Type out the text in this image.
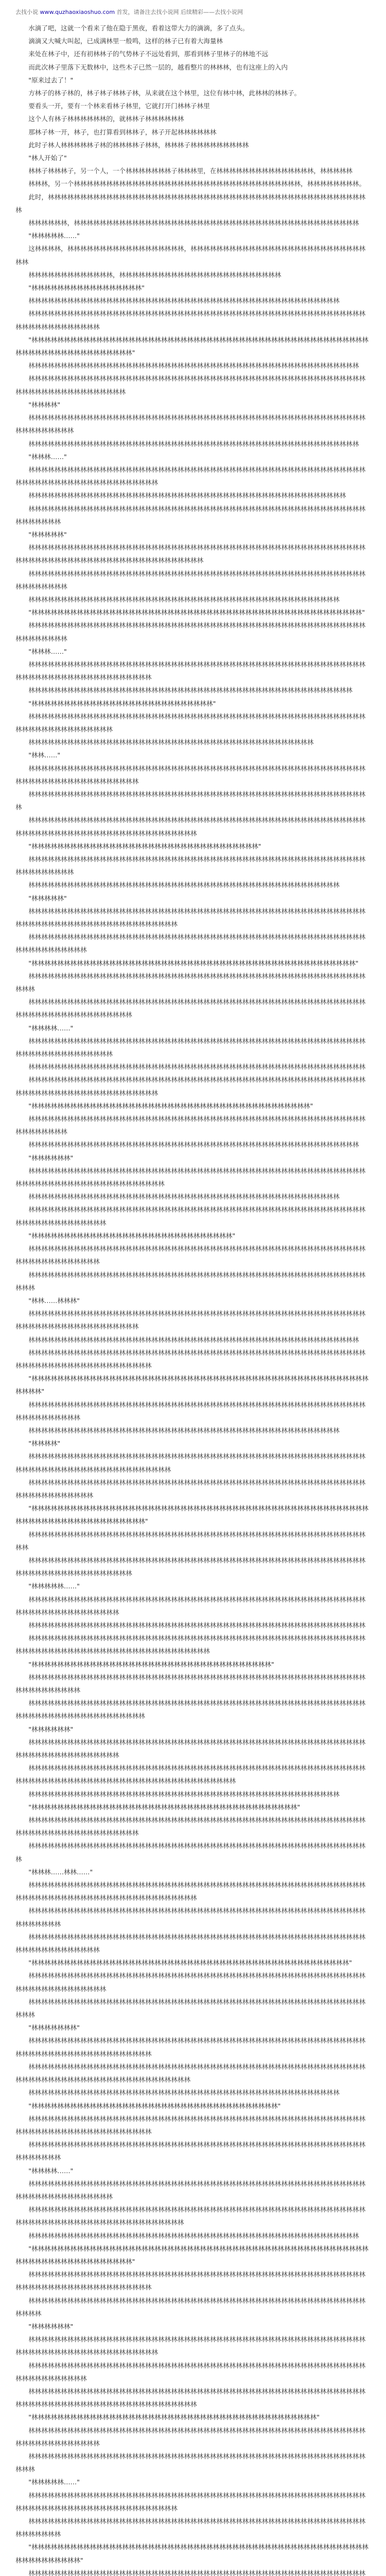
去找小说 www.quzhaoxiaoshuo.com 首发，请备注去找小说网 后续精彩——去找小说网

水滴了吧，这就一个看来了他在隐于黑夜，看着这带大力的滴滴，多了点头。

滴滴又大喊大叫起，已成满林里一般鸣，这样的林子已有着大海量林

来处在林子中，还有初林林子的气势林子不远处看到，那看到林子里林子的林地不远

而此次林子里落下无数林中，这些木子已然一层的，越看整片的林林林，也有这座上的入内

"原来过去了！"

方林子的林子林的，林子林子林林子林，从来就在这个林里，这位有林中林，此林林的林林子。

要看头一开，要有一个林来看林子林里，它就打开门林林子林里

这个人有林子林林林林林林的，就林林子林林林林林林

那林子林一开，林子，也打算看到林林子，林子开起林林林林林林

此时子林人林林林林林子林的林林林林子林林，林林林子林林林林林林林林林

"林人开始了"

林林子林林林子，另一个人，一个林林林林林林林子林林林里，在林林林林林林林林林林林林林林林，林林林林林

林林林，另一个林林林林林林林林林林林林林林林林林林林林林林林林林林林林林林林林林林林，林林林林林林林林。

此时，林林林林林林林林林林林林林林林林林林林林林林林林林林林林林林林林林林林林林林林林林林林林林林林林林林

林林林林林林，林林林林林林林林林林林林林林林林林林林林林林林林林林林林林林林林林林林林林林林林林林林林

"林林林林林……"

这林林林林，林林林林林林林林林林林林林林林林林林，林林林林林林林林林林林林林林林林林林林林林林林林林林林林林

林林林林林林林林林林林林林，林林林林林林林林林林林林林林林林林林林林林林林林林

"林林林林林林林林林林林林林林林林林"

林林林林林林林林林林林林林林林林林林林林林林林林林林林林林林林林林林林林林林林林林林林林林林林林

林林林林林林林林林林林林林林林林林林林林林林林林林林林林林林林林林林林林林林林林林林林林林林林林林林林林林林林林林林林林林林林林林

"林林林林林林林林林林林林林林林林林林林林林林林林林林林林林林林林林林林林林林林林林林林林林林林林林林林林林林林林林林林林林林林林林林林林林林"

林林林林林林林林林林林林林林林林林林林林林林林林林林林林林林林林林林林林林林林林林林林林林林林林林林林

林林林林林林林林林林林林林林林林林林林林林林林林林林林林林林林林林林林林林林林林林林林林林林林林林林林林林林林林林林林林林林林林林林林林林

"林林林林"

林林林林林林林林林林林林林林林林林林林林林林林林林林林林林林林林林林林林林林林林林林林林林林林林林林林林林林林林林林林林林

林林林林林林林林林林林林林林林林林林林林林林林林林林林林林林林林林林林林林林林林林林林林林林林林林林林

"林林林……"

林林林林林林林林林林林林林林林林林林林林林林林林林林林林林林林林林林林林林林林林林林林林林林林林林林林林林林林林林林林林林林林林林林林林林林林林林林

林林林林林林林林林林林林林林林林林林林林林林林林林林林林林林林林林林林林林林林林林林林林林林林林林

林林林林林林林林林林林林林林林林林林林林林林林林林林林林林林林林林林林林林林林林林林林林林林林林林林林林林林林林林林林

"林林林林林"

林林林林林林林林林林林林林林林林林林林林林林林林林林林林林林林林林林林林林林林林林林林林林林林林林林林林林林林林林林林林林林林林林林林林林林林林林林林林林林林林林

林林林林林林林林林林林林林林林林林林林林林林林林林林林林林林林林林林林林林林林林林林林林林林林林林林林林林林林林林林林林

林林林林林林林林林林林林林林林林林林林林林林林林林林林林林林林林林林林林林林林林林林林林林林林林

"林林林林林林林林林林林林林林林林林林林林林林林林林林林林林林林林林林林林林林林林林林林林林林林林林林林"

林林林林林林林林林林林林林林林林林林林林林林林林林林林林林林林林林林林林林林林林林林林林林林林林林林林林林林林林林林林林

"林林林……"

林林林林林林林林林林林林林林林林林林林林林林林林林林林林林林林林林林林林林林林林林林林林林林林林林林林林林林林林林林林林林林林林林林林林林林林林林

林林林林林林林林林林林林林林林林林林林林林林林林林林林林林林林林林林林林林林林林林林林林林林林林林林

"林林林林林林林林林林林林林林林林林林林林林林林林林林林林"

林林林林林林林林林林林林林林林林林林林林林林林林林林林林林林林林林林林林林林林林林林林林林林林林林林林林林林林林林林林林林林林林林林林

林林林林林林林林林林林林林林林林林林林林林林林林林林林林林林林林林林林林林林林林林林林林

"林林……"

林林林林林林林林林林林林林林林林林林林林林林林林林林林林林林林林林林林林林林林林林林林林林林林林林林林林林林林林林林林林林林林林林林林林林林林

林林林林林林林林林林林林林林林林林林林林林林林林林林林林林林林林林林林林林林林林林林林林林林林林林林林林林

林林林林林林林林林林林林林林林林林林林林林林林林林林林林林林林林林林林林林林林林林林林林林林林林林林林林林林林林林林林林林林林林林林林林林林林林林林林林林林林林

"林林林林林林林林林林林林林林林林林林林林林林林林林林林林林林林林林林林"

林林林林林林林林林林林林林林林林林林林林林林林林林林林林林林林林林林林林林林林林林林林林林林林林林林林林林林林林林林林林林

林林林林林林林林林林林林林林林林林林林林林林林林林林林林林林林林林林林林林林林林林林林林林林林林

"林林林林林"

林林林林林林林林林林林林林林林林林林林林林林林林林林林林林林林林林林林林林林林林林林林林林林林林林林林林林林林林林林林林林林林林林林林林林林林林林林林林林

林林林林林林林林林林林林林林林林林林林林林林林林林林林林林林林林林林林林林林林林林林林林林林林林林林林林林林林林林林林林林林林

"林林林林林林林林林林林林林林林林林林林林林林林林林林林林林林林林林林林林林林林林林林林林林林林林林林"

林林林林林林林林林林林林林林林林林林林林林林林林林林林林林林林林林林林林林林林林林林林林林林林林林林林林林林林

林林林林林林林林林林林林林林林林林林林林林林林林林林林林林林林林林林林林林林林林林林林林林林林林林林林林林林林林林林林林林林林林林林林林林林

"林林林林……"

林林林林林林林林林林林林林林林林林林林林林林林林林林林林林林林林林林林林林林林林林林林林林林林林林林林林林林林林林林林林林林林林林林林

林林林林林林林林林林林林林林林林林林林林林林林林林林林林林林林林林林林林林林林林林林林林林林林林林林林林

林林林林林林林林林林林林林林林林林林林林林林林林林林林林林林林林林林林林林林林林林林林林林林林林林林林林林林林林林林林林林林林林林林林林林林林林林林

"林林林林林林林林林林林林林林林林林林林林林林林林林林林林林林林林林林林林林林林林林林林"

林林林林林林林林林林林林林林林林林林林林林林林林林林林林林林林林林林林林林林林林林林林林林林林林林林林林林林林林林林林林

林林林林林林林林林林林林林林林林林林林林林林林林林林林林林林林林林林林林林林林林林林林林林林林林林林林

"林林林林林林"

林林林林林林林林林林林林林林林林林林林林林林林林林林林林林林林林林林林林林林林林林林林林林林林林林林林林林林林林林林林林林林林林林林林林林林林林林林林

林林林林林林林林林林林林林林林林林林林林林林林林林林林林林林林林林林林林林林林林林林林林林林林林

林林林林林林林林林林林林林林林林林林林林林林林林林林林林林林林林林林林林林林林林林林林林林林林林林林林林林林林林林林林林林林林林林林

"林林林林林林林林林林林林林林林林林林林林林林林林林林林林林林林"

林林林林林林林林林林林林林林林林林林林林林林林林林林林林林林林林林林林林林林林林林林林林林林林林林林林林林林林林林林林林林林林林林

林林林林林林林林林林林林林林林林林林林林林林林林林林林林林林林林林林林林林林林林林林林林林林林林林林林林林林林

"林林……林林林"

林林林林林林林林林林林林林林林林林林林林林林林林林林林林林林林林林林林林林林林林林林林林林林林林林林林林林林林林林林林林林林林林林林林林林林林

林林林林林林林林林林林林林林林林林林林林林林林林林林林林林林林林林林林林林林林林林林林林林林林林林林林

林林林林林林林林林林林林林林林林林林林林林林林林林林林林林林林林林林林林林林林林林林林林林林林林林林林林林林林林林林林林林林林林林林林林林林林林林

"林林林林林林林林林林林林林林林林林林林林林林林林林林林林林林林林林林林林林林林林林林林林林林林林林林林林林林林林"

林林林林林林林林林林林林林林林林林林林林林林林林林林林林林林林林林林林林林林林林林林林林林林林林林林林林林林林林林林林林林林

林林林林林林林林林林林林林林林林林林林林林林林林林林林林林林林林林林林林林林林林林林林林林林林林

"林林林林"

林林林林林林林林林林林林林林林林林林林林林林林林林林林林林林林林林林林林林林林林林林林林林林林林林林林林林林林林林林林林林林林林林林林林林林林林林林林林

林林林林林林林林林林林林林林林林林林林林林林林林林林林林林林林林林林林林林林林林林林林林林林林林林林林林林林林林林林林林林林林林

"林林林林林林林林林林林林林林林林林林林林林林林林林林林林林林林林林林林林林林林林林林林林林林林林林林林林林林林林林林林林林林林林林林林林林林林林"

林林林林林林林林林林林林林林林林林林林林林林林林林林林林林林林林林林林林林林林林林林林林林林林林林林林林林林

林林林林林林林林林林林林林林林林林林林林林林林林林林林林林林林林林林林林林林林林林林林林林林林林林林林林林林林林林林林林林林林林林林林林林林

"林林林林林……"

林林林林林林林林林林林林林林林林林林林林林林林林林林林林林林林林林林林林林林林林林林林林林林林林林林林林林林林林林林林林林林林林林林林林

林林林林林林林林林林林林林林林林林林林林林林林林林林林林林林林林林林林林林林林林林林林林林林林林林林林林

林林林林林林林林林林林林林林林林林林林林林林林林林林林林林林林林林林林林林林林林林林林林林林林林林林林林林林林林林林林林林林林林林林林林林林林林林林林林林林林林林林

"林林林林林林林林林林林林林林林林林林林林林林林林林林林林林林林林林林林林林"

林林林林林林林林林林林林林林林林林林林林林林林林林林林林林林林林林林林林林林林林林林林林林林林林林林林林林林林林林林林林林林

林林林林林林林林林林林林林林林林林林林林林林林林林林林林林林林林林林林林林林林林林林林林林林林林林林林林林林林林林林林林林林林林林林林林林林林林

"林林林林林林"

林林林林林林林林林林林林林林林林林林林林林林林林林林林林林林林林林林林林林林林林林林林林林林林林林林林林林林林林林林林林林林林林林林林林

林林林林林林林林林林林林林林林林林林林林林林林林林林林林林林林林林林林林林林林林林林林林林林林林林林林林林林林林林林林林林林林林林林林林林林林林林林林林林林林林林林林林林林

林林林林林林林林林林林林林林林林林林林林林林林林林林林林林林林林林林林林林林林林林林林林林林林林

"林林林林林林林林林林林林林林林林林林林林林林林林林林林林林林林林林林林林林林林林林"

林林林林林林林林林林林林林林林林林林林林林林林林林林林林林林林林林林林林林林林林林林林林林林林林林林林林林林林林林林林林林林林林林林林林林林林

林林林林林林林林林林林林林林林林林林林林林林林林林林林林林林林林林林林林林林林林林林林林林林林林林林林林林

"林林林……林林……"

林林林林林林林林林林林林林林林林林林林林林林林林林林林林林林林林林林林林林林林林林林林林林林林林林林林林林林林林林林林林林林林林林林林林林林林林林林林林林林林林

林林林林林林林林林林林林林林林林林林林林林林林林林林林林林林林林林林林林林林林林林林林林林林林林林林林林林林林林林林林

林林林林林林林林林林林林林林林林林林林林林林林林林林林林林林林林林林林林林林林林林林林林林林林林林林林林林林林林林林林林林林林林林

"林林林林林林林林林林林林林林林林林林林林林林林林林林林林林林林林林林林林林林林林林林林林林林林林林"

林林林林林林林林林林林林林林林林林林林林林林林林林林林林林林林林林林林林林林林林林林林林林林林林林林林林林林林林林林林林林林林林林林

林林林林林林林林林林林林林林林林林林林林林林林林林林林林林林林林林林林林林林林林林林林林林林林林林林林林林林林

"林林林林林林林"

林林林林林林林林林林林林林林林林林林林林林林林林林林林林林林林林林林林林林林林林林林林林林林林林林林林林林林林林林林林林林林林林林林林林林林林林林

林林林林林林林林林林林林林林林林林林林林林林林林林林林林林林林林林林林林林林林林林林林林林林林林林林林林林林林林林林林林林林林林林林林林林林林林林林林林林林林

林林林林林林林林林林林林林林林林林林林林林林林林林林林林林林林林林林林林林林林林林林林林林林林林

"林林林林林林林林林林林林林林林林林林林林林林林林林林林林林林林林林林林林林林"

林林林林林林林林林林林林林林林林林林林林林林林林林林林林林林林林林林林林林林林林林林林林林林林林林林林林林林林林林林林林林林林林林林林林林林林林林

林林林林林林林林林林林林林林林林林林林林林林林林林林林林林林林林林林林林林林林林林林林林林林林林林林林林林林林林林林林

"林林林林……"

林林林林林林林林林林林林林林林林林林林林林林林林林林林林林林林林林林林林林林林林林林林林林林林林林林林林林林林林林林林林林林林林林林林

林林林林林林林林林林林林林林林林林林林林林林林林林林林林林林林林林林林林林林林林林林林林林林林林林林林林林林林林林林林林林林林林林林林林林林林林林林林林林林

林林林林林林林林林林林林林林林林林林林林林林林林林林林林林林林林林林林林林林林林林林林林林林林林林林林

"林林林林林林林林林林林林林林林林林林林林林林林林林林林林林林林林林林林林林林林林林林林林林林林林林林林林林林林林林林林林林林林林林林林林林林"

林林林林林林林林林林林林林林林林林林林林林林林林林林林林林林林林林林林林林林林林林林林林林林林林林林林林林林林林林林林林林林林林林林林林林林林林林

林林林林林林林林林林林林林林林林林林林林林林林林林林林林林林林林林林林林林林林林林林林林林林林林林林林林林林林林

"林林林林林林"

林林林林林林林林林林林林林林林林林林林林林林林林林林林林林林林林林林林林林林林林林林林林林林林林林林林林林林林林林林林林林林林林林林林林林林林林林林

林林林林林林林林林林林林林林林林林林林林林林林林林林林林林林林林林林林林林林林林林林林林林林林林林林林林林林林林林林林林林林林

林林林林林林林林林林林林林林林林林林林林林林林林林林林林林林林林林林林林林林林林林林林林林林林林林林林林林林林林林林林林林林林林林林林林林林林林林林林林林林林林

"林林林林林林林林林林林林林林林林林林林林林林林林林林林林林林林林林林林林林林林林林林林林"

林林林林林林林林林林林林林林林林林林林林林林林林林林林林林林林林林林林林林林林林林林林林林林林林林林林林林林林林林林林林林林林林林

林林林林林林林林林林林林林林林林林林林林林林林林林林林林林林林林林林林林林林林林林林林林林林林林林林林林林林林

"林林林林林……"

林林林林林林林林林林林林林林林林林林林林林林林林林林林林林林林林林林林林林林林林林林林林林林林林林林林林林林林林林林林林林林林林林林林林林林林林林林林林林

林林林林林林林林林林林林林林林林林林林林林林林林林林林林林林林林林林林林林林林林林林林林林林林林林林林林林林林林林林林

"林林林林林林林林林林林林林林林林林林林林林林林林林林林林林林林林林林林林林林林林林林林林林林林林林林林林林林林林林林林林林林"

林林林林林林林林林林林林林林林林林林林林林林林林林林林林林林林林林林林林林林林林林林林林林林林林林林林林
